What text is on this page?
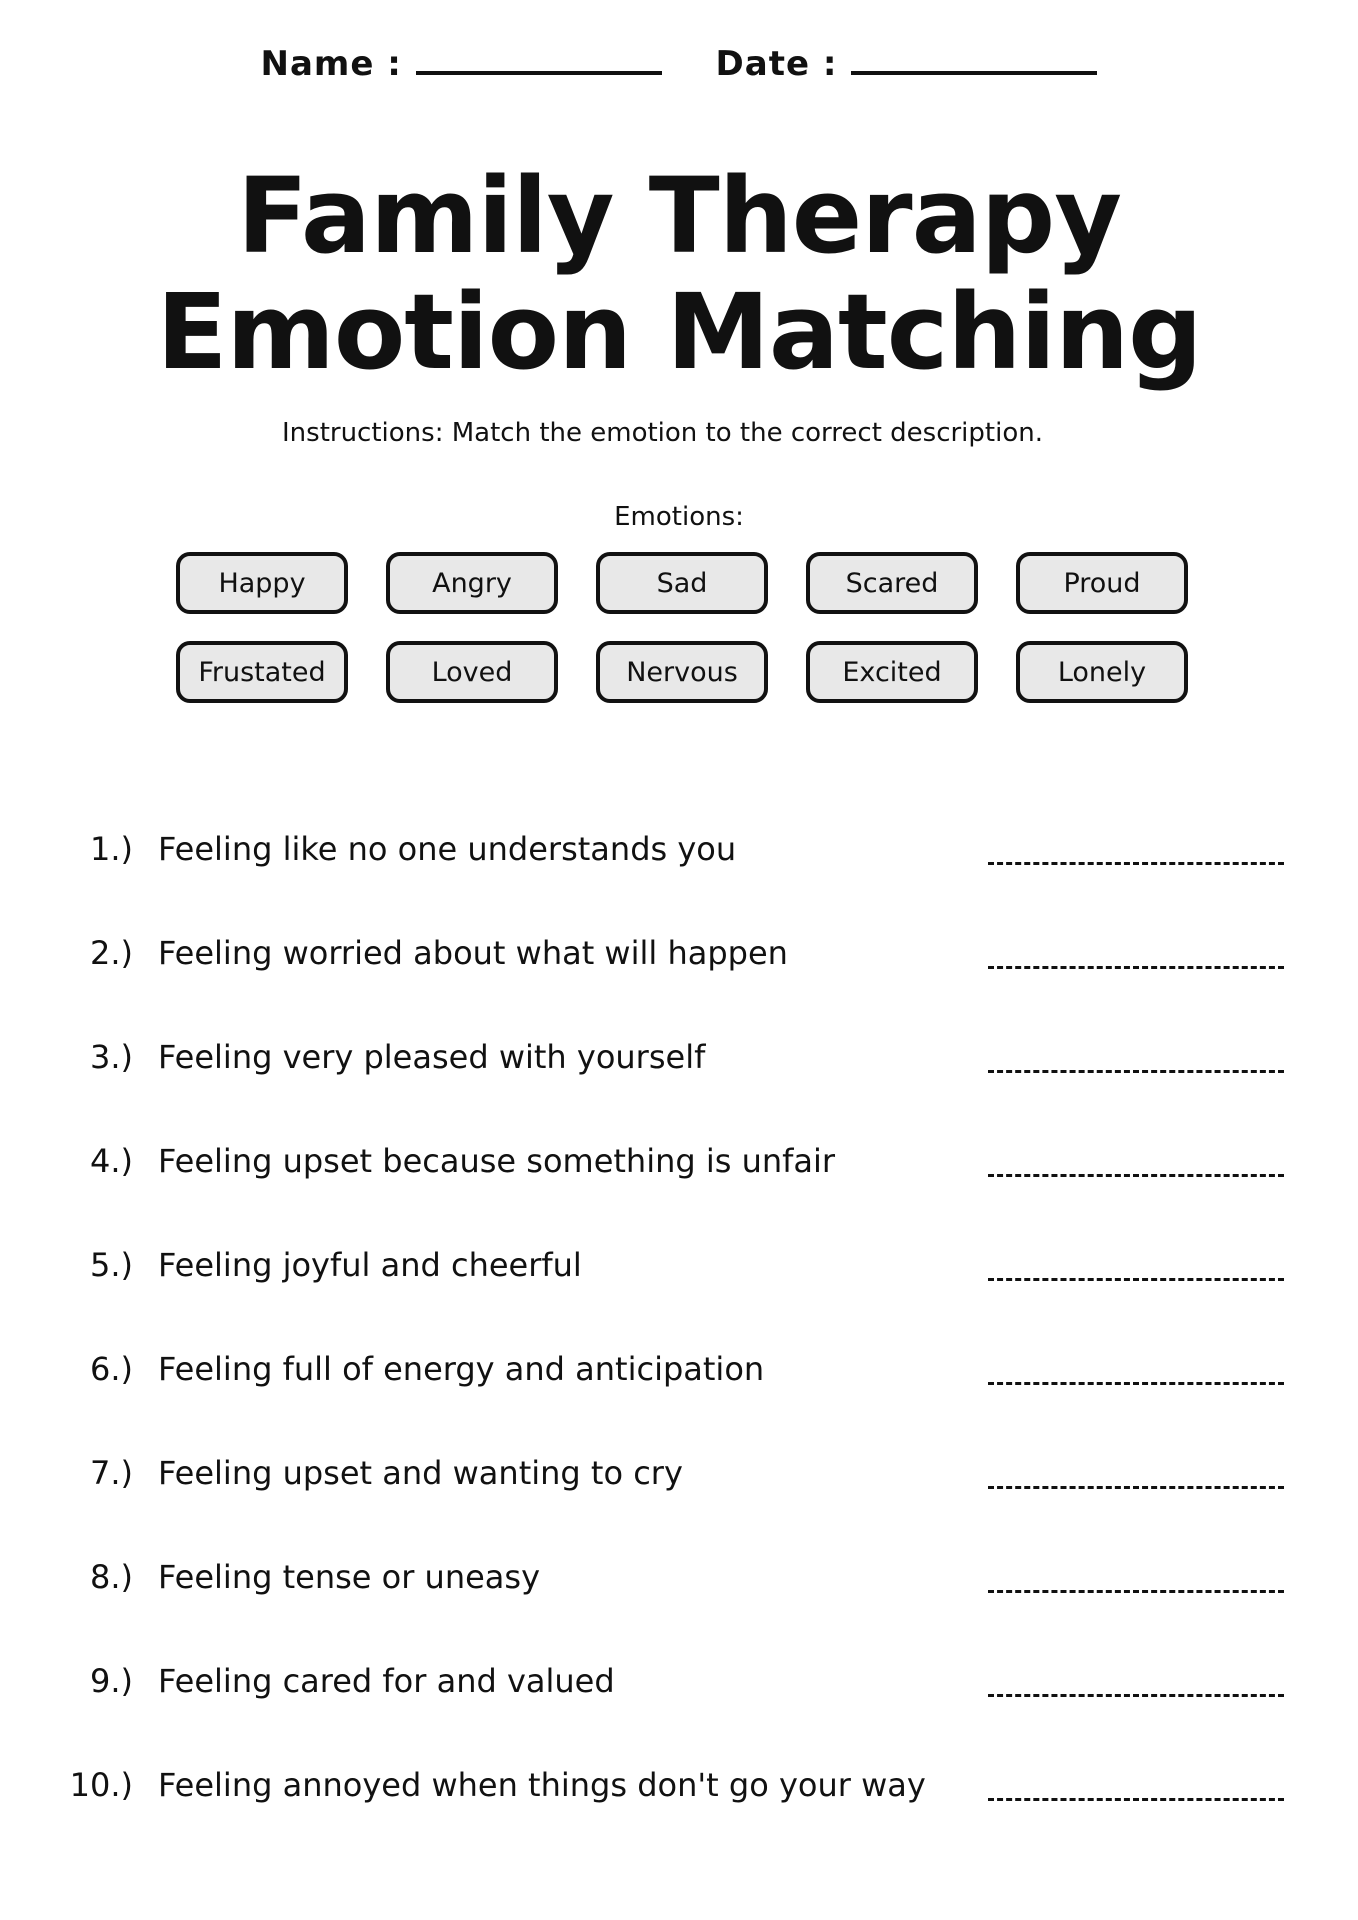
Name :	Date :
Family Therapy
Emotion Matching
Instructions: Match the emotion to the correct description.
Emotions:
Happy	Angry	Sad	Scared	Proud
Frustated	Loved	Nervous	Excited	Lonely
1.) Feeling like no one understands you
2.) Feeling worried about what will happen
3.) Feeling very pleased with yourself
4.) Feeling upset because something is unfair
5.) Feeling joyful and cheerful
6.) Feeling full of energy and anticipation
7.) Feeling upset and wanting to cry
8.) Feeling tense or uneasy
9.) Feeling cared for and valued
10.) Feeling annoyed when things don't go your way
